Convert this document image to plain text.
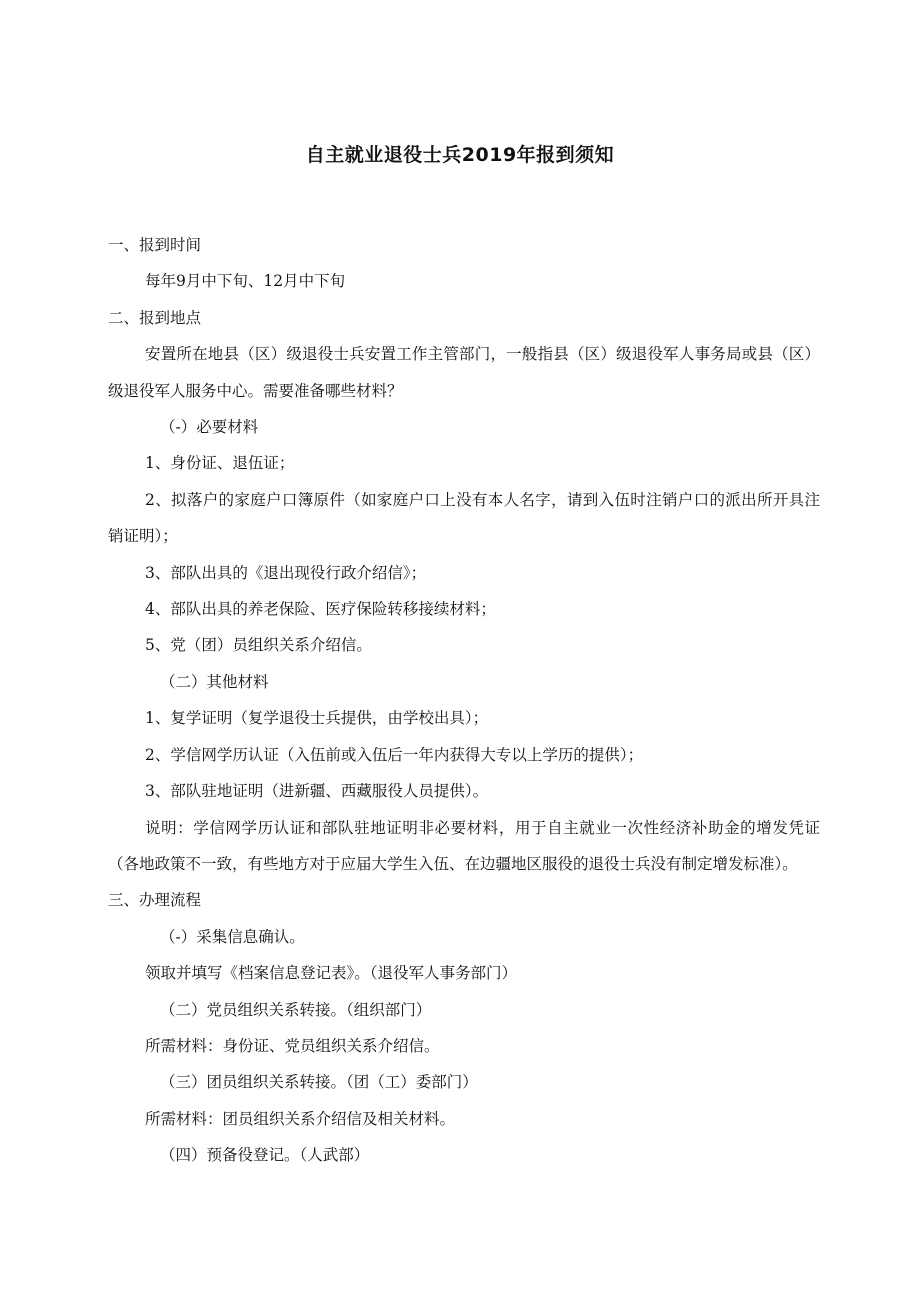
自主就业退役士兵2019年报到须知

一、报到时间

每年9月中下旬、12月中下旬

二、报到地点

安置所在地县（区）级退役士兵安置工作主管部门，一般指县（区）级退役军人事务局或县（区）级退役军人服务中心。需要准备哪些材料？

（-）必要材料

1、身份证、退伍证；

2、拟落户的家庭户口簿原件（如家庭户口上没有本人名字，请到入伍时注销户口的派出所开具注销证明）；

3、部队出具的《退出现役行政介绍信》；

4、部队出具的养老保险、医疗保险转移接续材料；

5、党（团）员组织关系介绍信。

（二）其他材料

1、复学证明（复学退役士兵提供，由学校出具）；

2、学信网学历认证（入伍前或入伍后一年内获得大专以上学历的提供）；

3、部队驻地证明（进新疆、西藏服役人员提供）。

说明：学信网学历认证和部队驻地证明非必要材料，用于自主就业一次性经济补助金的增发凭证（各地政策不一致，有些地方对于应届大学生入伍、在边疆地区服役的退役士兵没有制定增发标准）。

三、办理流程

（-）采集信息确认。

领取并填写《档案信息登记表》。（退役军人事务部门）

（二）党员组织关系转接。（组织部门）

所需材料：身份证、党员组织关系介绍信。

（三）团员组织关系转接。（团（工）委部门）

所需材料：团员组织关系介绍信及相关材料。

（四）预备役登记。（人武部）
